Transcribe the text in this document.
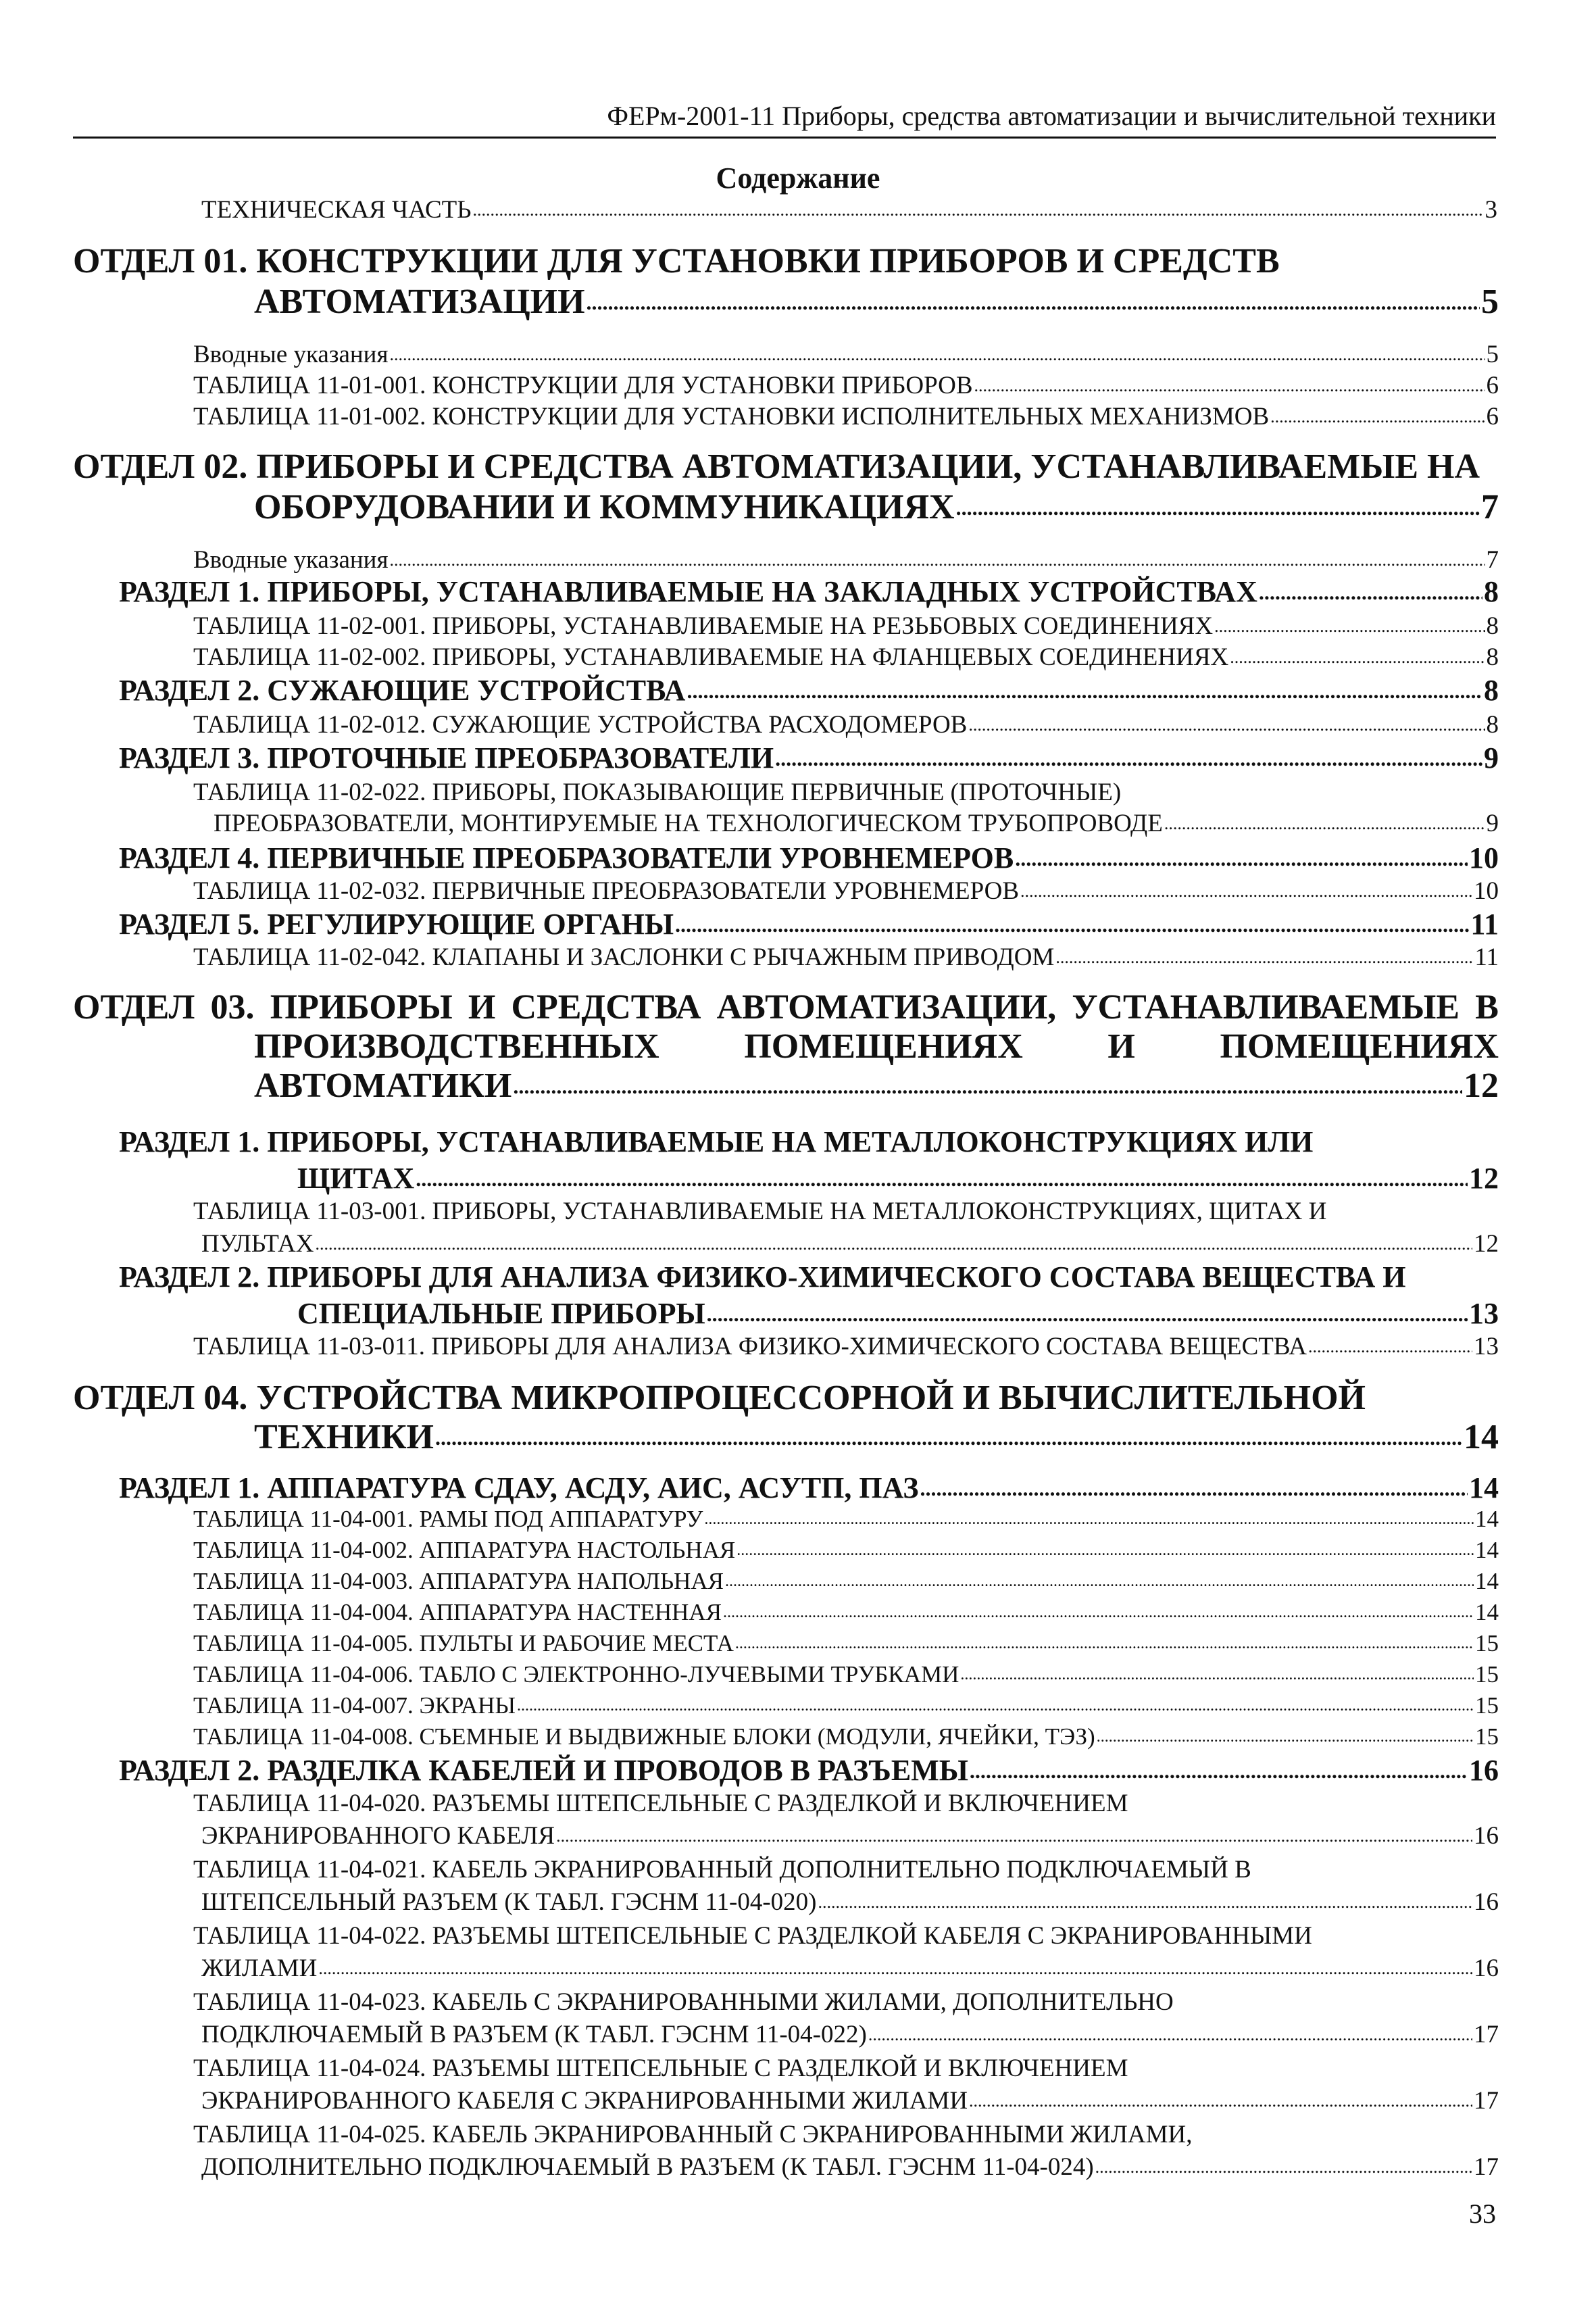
ФЕРм-2001-11 Приборы, средства автоматизации и вычислительной техники
Содержание
ТЕХНИЧЕСКАЯ ЧАСТЬ .....	3
ОТДЕЛ 01. КОНСТРУКЦИИ ДЛЯ УСТАНОВКИ ПРИБОРОВ И СРЕДСТВ
АВТОМАТИЗАЦИИ .....	5
Вводные указания .....	5
ТАБЛИЦА 11-01-001. КОНСТРУКЦИИ ДЛЯ УСТАНОВКИ ПРИБОРОВ .....	6
ТАБЛИЦА 11-01-002. КОНСТРУКЦИИ ДЛЯ УСТАНОВКИ ИСПОЛНИТЕЛЬНЫХ МЕХАНИЗМОВ .....	6
ОТДЕЛ 02. ПРИБОРЫ И СРЕДСТВА АВТОМАТИЗАЦИИ, УСТАНАВЛИВАЕМЫЕ НА
ОБОРУДОВАНИИ И КОММУНИКАЦИЯХ .....	7
Вводные указания .....	7
РАЗДЕЛ 1. ПРИБОРЫ, УСТАНАВЛИВАЕМЫЕ НА ЗАКЛАДНЫХ УСТРОЙСТВАХ .....	8
ТАБЛИЦА 11-02-001. ПРИБОРЫ, УСТАНАВЛИВАЕМЫЕ НА РЕЗЬБОВЫХ СОЕДИНЕНИЯХ .....	8
ТАБЛИЦА 11-02-002. ПРИБОРЫ, УСТАНАВЛИВАЕМЫЕ НА ФЛАНЦЕВЫХ СОЕДИНЕНИЯХ .....	8
РАЗДЕЛ 2. СУЖАЮЩИЕ УСТРОЙСТВА .....	8
ТАБЛИЦА 11-02-012. СУЖАЮЩИЕ УСТРОЙСТВА РАСХОДОМЕРОВ .....	8
РАЗДЕЛ 3. ПРОТОЧНЫЕ ПРЕОБРАЗОВАТЕЛИ .....	9
ТАБЛИЦА 11-02-022. ПРИБОРЫ, ПОКАЗЫВАЮЩИЕ ПЕРВИЧНЫЕ (ПРОТОЧНЫЕ)
ПРЕОБРАЗОВАТЕЛИ, МОНТИРУЕМЫЕ НА ТЕХНОЛОГИЧЕСКОМ ТРУБОПРОВОДЕ .....	9
РАЗДЕЛ 4. ПЕРВИЧНЫЕ ПРЕОБРАЗОВАТЕЛИ УРОВНЕМЕРОВ .....	10
ТАБЛИЦА 11-02-032. ПЕРВИЧНЫЕ ПРЕОБРАЗОВАТЕЛИ УРОВНЕМЕРОВ .....	10
РАЗДЕЛ 5. РЕГУЛИРУЮЩИЕ ОРГАНЫ .....	11
ТАБЛИЦА 11-02-042. КЛАПАНЫ И ЗАСЛОНКИ С РЫЧАЖНЫМ ПРИВОДОМ .....	11
ОТДЕЛ 03. ПРИБОРЫ И СРЕДСТВА АВТОМАТИЗАЦИИ, УСТАНАВЛИВАЕМЫЕ В
ПРОИЗВОДСТВЕННЫХ ПОМЕЩЕНИЯХ И ПОМЕЩЕНИЯХ
АВТОМАТИКИ .....	12
РАЗДЕЛ 1. ПРИБОРЫ, УСТАНАВЛИВАЕМЫЕ НА МЕТАЛЛОКОНСТРУКЦИЯХ ИЛИ
ЩИТАХ .....	12
ТАБЛИЦА 11-03-001. ПРИБОРЫ, УСТАНАВЛИВАЕМЫЕ НА МЕТАЛЛОКОНСТРУКЦИЯХ, ЩИТАХ И
ПУЛЬТАХ .....	12
РАЗДЕЛ 2. ПРИБОРЫ ДЛЯ АНАЛИЗА ФИЗИКО-ХИМИЧЕСКОГО СОСТАВА ВЕЩЕСТВА И
СПЕЦИАЛЬНЫЕ ПРИБОРЫ .....	13
ТАБЛИЦА 11-03-011. ПРИБОРЫ ДЛЯ АНАЛИЗА ФИЗИКО-ХИМИЧЕСКОГО СОСТАВА ВЕЩЕСТВА .....	13
ОТДЕЛ 04. УСТРОЙСТВА МИКРОПРОЦЕССОРНОЙ И ВЫЧИСЛИТЕЛЬНОЙ
ТЕХНИКИ .....	14
РАЗДЕЛ 1. АППАРАТУРА СДАУ, АСДУ, АИС, АСУТП, ПАЗ .....	14
ТАБЛИЦА 11-04-001. РАМЫ ПОД АППАРАТУРУ .....	14
ТАБЛИЦА 11-04-002. АППАРАТУРА НАСТОЛЬНАЯ .....	14
ТАБЛИЦА 11-04-003. АППАРАТУРА НАПОЛЬНАЯ .....	14
ТАБЛИЦА 11-04-004. АППАРАТУРА НАСТЕННАЯ .....	14
ТАБЛИЦА 11-04-005. ПУЛЬТЫ И РАБОЧИЕ МЕСТА .....	15
ТАБЛИЦА 11-04-006. ТАБЛО С ЭЛЕКТРОННО-ЛУЧЕВЫМИ ТРУБКАМИ .....	15
ТАБЛИЦА 11-04-007. ЭКРАНЫ .....	15
ТАБЛИЦА 11-04-008. СЪЕМНЫЕ И ВЫДВИЖНЫЕ БЛОКИ (МОДУЛИ, ЯЧЕЙКИ, ТЭЗ) .....	15
РАЗДЕЛ 2. РАЗДЕЛКА КАБЕЛЕЙ И ПРОВОДОВ В РАЗЪЕМЫ .....	16
ТАБЛИЦА 11-04-020. РАЗЪЕМЫ ШТЕПСЕЛЬНЫЕ С РАЗДЕЛКОЙ И ВКЛЮЧЕНИЕМ
ЭКРАНИРОВАННОГО КАБЕЛЯ .....	16
ТАБЛИЦА 11-04-021. КАБЕЛЬ ЭКРАНИРОВАННЫЙ ДОПОЛНИТЕЛЬНО ПОДКЛЮЧАЕМЫЙ В
ШТЕПСЕЛЬНЫЙ РАЗЪЕМ (К ТАБЛ. ГЭСНМ 11-04-020) .....	16
ТАБЛИЦА 11-04-022. РАЗЪЕМЫ ШТЕПСЕЛЬНЫЕ С РАЗДЕЛКОЙ КАБЕЛЯ С ЭКРАНИРОВАННЫМИ
ЖИЛАМИ .....	16
ТАБЛИЦА 11-04-023. КАБЕЛЬ С ЭКРАНИРОВАННЫМИ ЖИЛАМИ, ДОПОЛНИТЕЛЬНО
ПОДКЛЮЧАЕМЫЙ В РАЗЪЕМ (К ТАБЛ. ГЭСНМ 11-04-022) .....	17
ТАБЛИЦА 11-04-024. РАЗЪЕМЫ ШТЕПСЕЛЬНЫЕ С РАЗДЕЛКОЙ И ВКЛЮЧЕНИЕМ
ЭКРАНИРОВАННОГО КАБЕЛЯ С ЭКРАНИРОВАННЫМИ ЖИЛАМИ .....	17
ТАБЛИЦА 11-04-025. КАБЕЛЬ ЭКРАНИРОВАННЫЙ С ЭКРАНИРОВАННЫМИ ЖИЛАМИ,
ДОПОЛНИТЕЛЬНО ПОДКЛЮЧАЕМЫЙ В РАЗЪЕМ (К ТАБЛ. ГЭСНМ 11-04-024) .....	17
33
